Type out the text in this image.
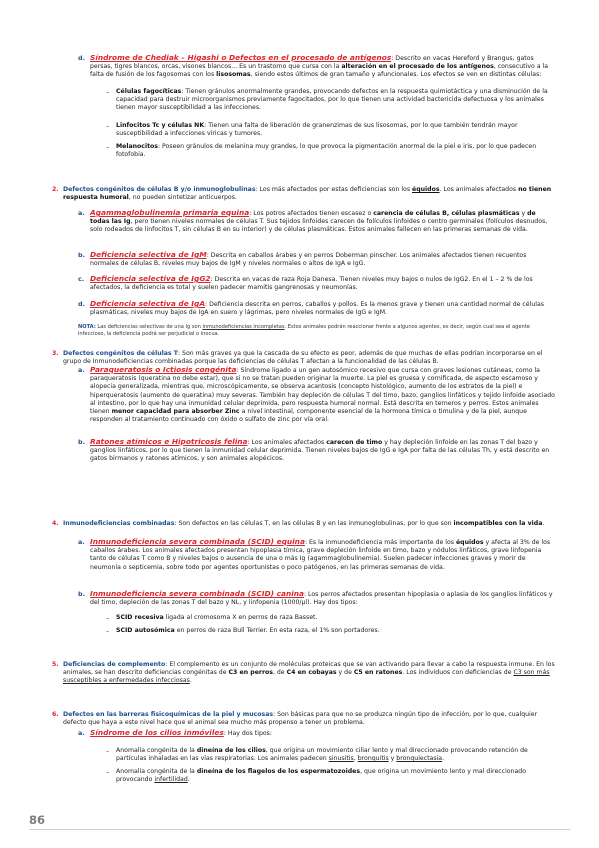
d. Síndrome de Chediak – Higashi o Defectos en el procesado de antígenos: Descrito en vacas Hereford y Brangus, gatos persas, tigres blancos, orcas, visones blancos... Es un trastorno que cursa con la alteración en el procesado de los antígenos, consecutivo a la falta de fusión de los fagosomas con los lisosomas, siendo estos últimos de gran tamaño y afuncionales. Los efectos se ven en distintas células:
– Células fagocíticas: Tienen gránulos anormalmente grandes, provocando defectos en la respuesta quimiotáctica y una disminución de la capacidad para destruir microorganismos previamente fagocitados, por lo que tienen una actividad bactericida defectuosa y los animales tienen mayor susceptibilidad a las infecciones.
– Linfocitos Tc y células NK: Tienen una falta de liberación de granenzimas de sus lisosomas, por lo que también tendrán mayor susceptibilidad a infecciones víricas y tumores.
– Melanocitos: Poseen gránulos de melanina muy grandes, lo que provoca la pigmentación anormal de la piel e iris, por lo que padecen fotofobia.
2. Defectos congénitos de células B y/o inmunoglobulinas: Los más afectados por estas deficiencias son los équidos. Los animales afectados no tienen respuesta humoral, no pueden sintetizar anticuerpos.
a. Agammaglobulinemia primaria equina: Los potros afectados tienen escasez o carencia de células B, células plasmáticas y de todas las Ig, pero tienen niveles normales de células T. Sus tejidos linfoides carecen de folículos linfoides o centro germinales (folículos desnudos, solo rodeados de linfocitos T, sin células B en su interior) y de células plasmáticas. Estos animales fallecen en las primeras semanas de vida.
b. Deficiencia selectiva de IgM: Descrita en caballos árabes y en perros Doberman pinscher. Los animales afectados tienen recuentos normales de células B, niveles muy bajos de IgM y niveles normales o altos de IgA e IgG.
c. Deficiencia selectiva de IgG2: Descrita en vacas de raza Roja Danesa. Tienen niveles muy bajos o nulos de IgG2. En el 1 – 2 % de los afectados, la deficiencia es total y suelen padecer mamitis gangrenosas y neumonías.
d. Deficiencia selectiva de IgA: Deficiencia descrita en perros, caballos y pollos. Es la menos grave y tienen una cantidad normal de células plasmáticas, niveles muy bajos de IgA en suero y lágrimas, pero niveles normales de IgG e IgM.
NOTA: Las deficiencias selectivas de una Ig son inmunodeficiencias incompletas. Estos animales podrán reaccionar frente a algunos agentes, es decir, según cual sea el agente infeccioso, la deficiencia podrá ser perjudicial o inocua.
3. Defectos congénitos de células T: Son más graves ya que la cascada de su efecto es peor, además de que muchas de ellas podrían incorporarse en el grupo de Inmunodeficiencias combinadas porque las deficiencias de células T afectan a la funcionalidad de las células B.
a. Paraqueratosis o Ictiosis congénita: Síndrome ligado a un gen autosómico recesivo que cursa con graves lesiones cutáneas, como la paraqueratosis (queratina no debe estar), que si no se tratan pueden originar la muerte. La piel es gruesa y cornificada, de aspecto escamoso y alopecia generalizada, mientras que, microscópicamente, se observa acantosis (concepto histológico, aumento de los estratos de la piel) e hiperqueratosis (aumento de queratina) muy severas. También hay depleción de células T del timo, bazo, ganglios linfáticos y tejido linfoide asociado al intestino, por lo que hay una inmunidad celular deprimida, pero respuesta humoral normal. Está descrita en terneros y perros. Estos animales tienen menor capacidad para absorber Zinc a nivel intestinal, componente esencial de la hormona tímica o timulina y de la piel, aunque responden al tratamiento continuado con óxido o sulfato de zinc por vía oral.
b. Ratones atímicos e Hipotricosis felina: Los animales afectados carecen de timo y hay depleción linfoide en las zonas T del bazo y ganglios linfáticos, por lo que tienen la inmunidad celular deprimida. Tienen niveles bajos de IgG e IgA por falta de las células Th, y está descrito en gatos birmanos y ratones atímicos, y son animales alopécicos.
4. Inmunodeficiencias combinadas: Son defectos en las células T, en las células B y en las inmunoglobulinas, por lo que son incompatibles con la vida.
a. Inmunodeficiencia severa combinada (SCID) equina: Es la inmunodeficiencia más importante de los équidos y afecta al 3% de los caballos árabes. Los animales afectados presentan hipoplasia tímica, grave depleción linfoide en timo, bazo y nódulos linfáticos, grave linfopenia tanto de células T como B y niveles bajos o ausencia de una o más Ig (agammaglobulinemia). Suelen padecer infecciones graves y morir de neumonía o septicemia, sobre todo por agentes oportunistas o poco patógenos, en las primeras semanas de vida.
b. Inmunodeficiencia severa combinada (SCID) canina: Los perros afectados presentan hipoplasia o aplasia de los ganglios linfáticos y del timo, depleción de las zonas T del bazo y NL, y linfopenia (1000/µl). Hay dos tipos:
– SCID recesiva ligada al cromosoma X en perros de raza Basset.
– SCID autosómica en perros de raza Bull Terrier. En esta raza, el 1% son portadores.
5. Deficiencias de complemento: El complemento es un conjunto de moléculas proteicas que se van activando para llevar a cabo la respuesta inmune. En los animales, se han descrito deficiencias congénitas de C3 en perros, de C4 en cobayas y de C5 en ratones. Los individuos con deficiencias de C3 son más susceptibles a enfermedades infecciosas.
6. Defectos en las barreras fisicoquímicas de la piel y mucosas: Son básicas para que no se produzca ningún tipo de infección, por lo que, cualquier defecto que haya a este nivel hace que el animal sea mucho más propenso a tener un problema.
a. Síndrome de los cilios inmóviles: Hay dos tipos:
– Anomalía congénita de la dineína de los cilios, que origina un movimiento ciliar lento y mal direccionado provocando retención de partículas inhaladas en las vías respiratorias. Los animales padecen sinusitis, bronquitis y bronquiectasia.
– Anomalía congénita de la dineína de los flagelos de los espermatozoides, que origina un movimiento lento y mal direccionado provocando infertilidad.
86
